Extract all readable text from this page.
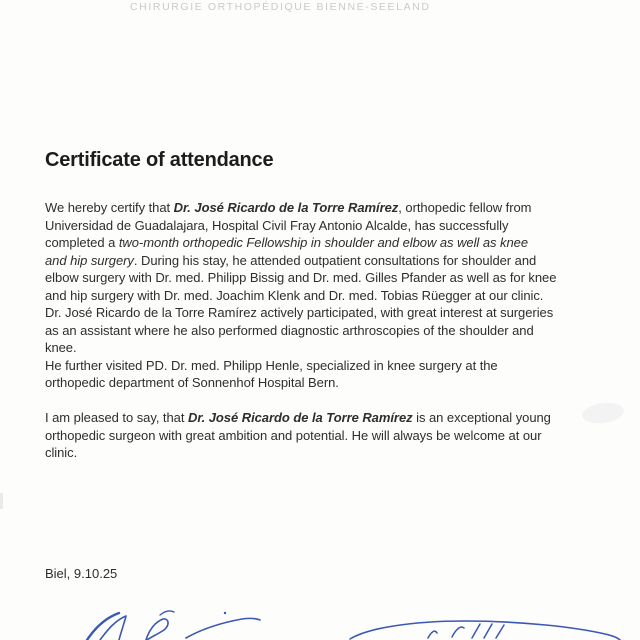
CHIRURGIE ORTHOPÉDIQUE BIENNE-SEELAND
Certificate of attendance
We hereby certify that Dr. José Ricardo de la Torre Ramírez, orthopedic fellow from
Universidad de Guadalajara, Hospital Civil Fray Antonio Alcalde, has successfully
completed a two-month orthopedic Fellowship in shoulder and elbow as well as knee
and hip surgery. During his stay, he attended outpatient consultations for shoulder and
elbow surgery with Dr. med. Philipp Bissig and Dr. med. Gilles Pfander as well as for knee
and hip surgery with Dr. med. Joachim Klenk and Dr. med. Tobias Rüegger at our clinic.
Dr. José Ricardo de la Torre Ramírez actively participated, with great interest at surgeries
as an assistant where he also performed diagnostic arthroscopies of the shoulder and
knee.
He further visited PD. Dr. med. Philipp Henle, specialized in knee surgery at the
orthopedic department of Sonnenhof Hospital Bern.
I am pleased to say, that Dr. José Ricardo de la Torre Ramírez is an exceptional young
orthopedic surgeon with great ambition and potential. He will always be welcome at our
clinic.
Biel, 9.10.25
